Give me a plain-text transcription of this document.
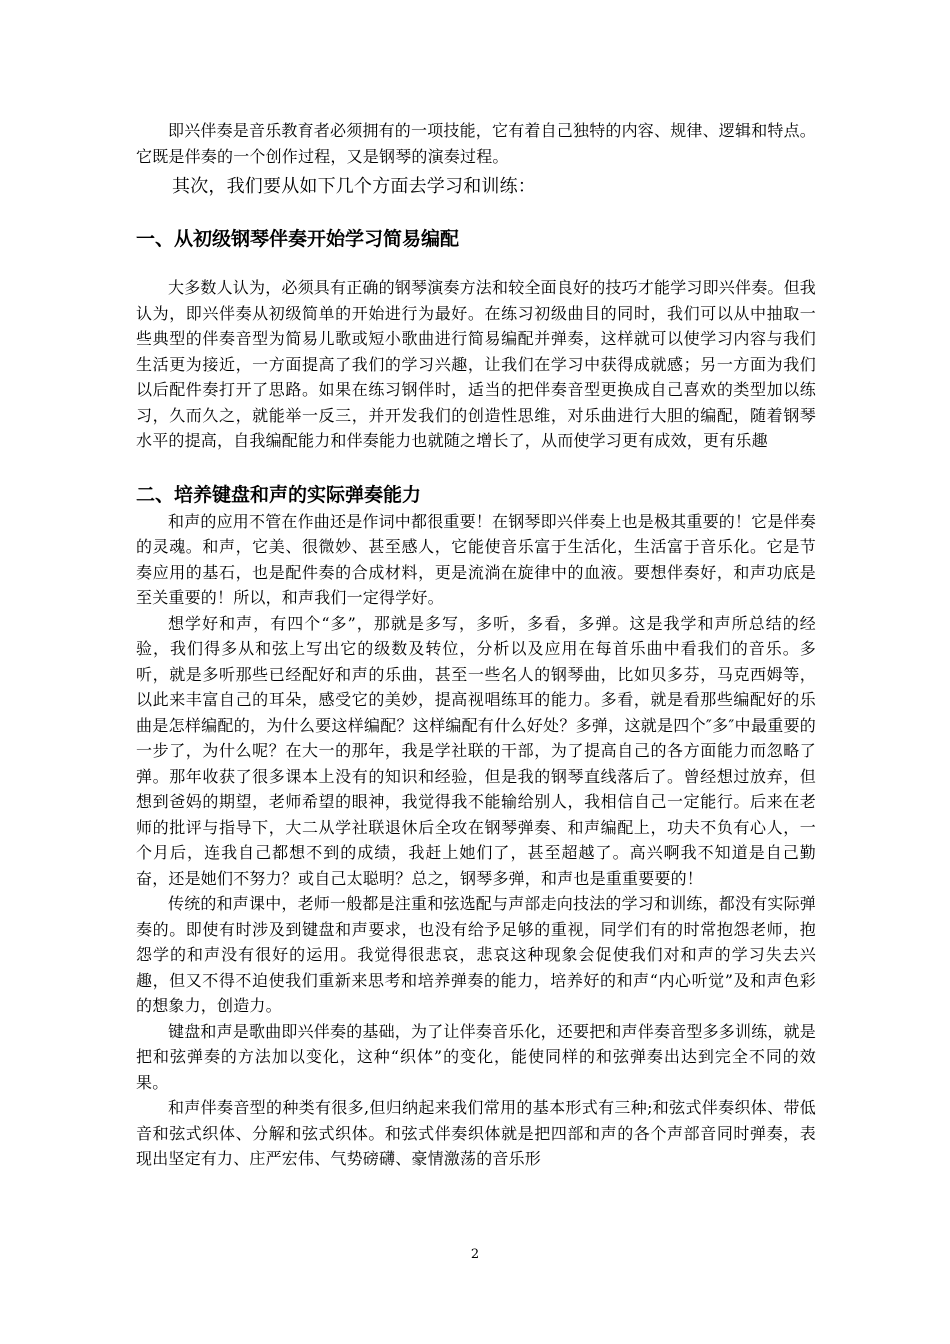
即兴伴奏是音乐教育者必须拥有的一项技能，它有着自己独特的内容、规律、逻辑和特点。它既是伴奏的一个创作过程，又是钢琴的演奏过程。

其次，我们要从如下几个方面去学习和训练：

一、从初级钢琴伴奏开始学习简易编配

大多数人认为，必须具有正确的钢琴演奏方法和较全面良好的技巧才能学习即兴伴奏。但我认为，即兴伴奏从初级简单的开始进行为最好。在练习初级曲目的同时，我们可以从中抽取一些典型的伴奏音型为简易儿歌或短小歌曲进行简易编配并弹奏，这样就可以使学习内容与我们生活更为接近，一方面提高了我们的学习兴趣，让我们在学习中获得成就感；另一方面为我们以后配件奏打开了思路。如果在练习钢伴时，适当的把伴奏音型更换成自己喜欢的类型加以练习，久而久之，就能举一反三，并开发我们的创造性思维，对乐曲进行大胆的编配，随着钢琴水平的提高，自我编配能力和伴奏能力也就随之增长了，从而使学习更有成效，更有乐趣

二、培养键盘和声的实际弹奏能力

和声的应用不管在作曲还是作词中都很重要！在钢琴即兴伴奏上也是极其重要的！它是伴奏的灵魂。和声，它美、很微妙、甚至感人，它能使音乐富于生活化，生活富于音乐化。它是节奏应用的基石，也是配件奏的合成材料，更是流淌在旋律中的血液。要想伴奏好，和声功底是至关重要的！所以，和声我们一定得学好。

想学好和声，有四个“多”，那就是多写，多听，多看，多弹。这是我学和声所总结的经验，我们得多从和弦上写出它的级数及转位，分析以及应用在每首乐曲中看我们的音乐。多听，就是多听那些已经配好和声的乐曲，甚至一些名人的钢琴曲，比如贝多芬，马克西姆等，以此来丰富自己的耳朵，感受它的美妙，提高视唱练耳的能力。多看，就是看那些编配好的乐曲是怎样编配的，为什么要这样编配？这样编配有什么好处？多弹，这就是四个″多″中最重要的一步了，为什么呢？在大一的那年，我是学社联的干部，为了提高自己的各方面能力而忽略了弹。那年收获了很多课本上没有的知识和经验，但是我的钢琴直线落后了。曾经想过放弃，但想到爸妈的期望，老师希望的眼神，我觉得我不能输给别人，我相信自己一定能行。后来在老师的批评与指导下，大二从学社联退休后全攻在钢琴弹奏、和声编配上，功夫不负有心人，一个月后，连我自己都想不到的成绩，我赶上她们了，甚至超越了。高兴啊我不知道是自己勤奋，还是她们不努力？或自己太聪明？总之，钢琴多弹，和声也是重重要要的！

传统的和声课中，老师一般都是注重和弦选配与声部走向技法的学习和训练，都没有实际弹奏的。即使有时涉及到键盘和声要求，也没有给予足够的重视，同学们有的时常抱怨老师，抱怨学的和声没有很好的运用。我觉得很悲哀，悲哀这种现象会促使我们对和声的学习失去兴趣，但又不得不迫使我们重新来思考和培养弹奏的能力，培养好的和声“内心听觉”及和声色彩的想象力，创造力。

键盘和声是歌曲即兴伴奏的基础，为了让伴奏音乐化，还要把和声伴奏音型多多训练，就是把和弦弹奏的方法加以变化，这种“织体”的变化，能使同样的和弦弹奏出达到完全不同的效果。

和声伴奏音型的种类有很多,但归纳起来我们常用的基本形式有三种;和弦式伴奏织体、带低音和弦式织体、分解和弦式织体。和弦式伴奏织体就是把四部和声的各个声部音同时弹奏，表现出坚定有力、庄严宏伟、气势磅礴、豪情激荡的音乐形

2
